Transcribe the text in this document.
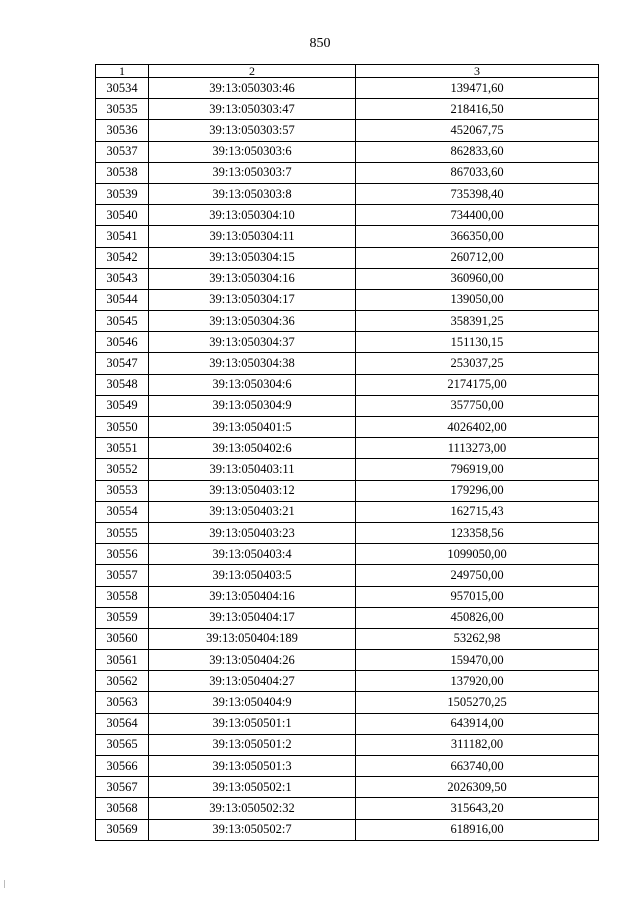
850
1	2	3
30534	39:13:050303:46	139471,60
30535	39:13:050303:47	218416,50
30536	39:13:050303:57	452067,75
30537	39:13:050303:6	862833,60
30538	39:13:050303:7	867033,60
30539	39:13:050303:8	735398,40
30540	39:13:050304:10	734400,00
30541	39:13:050304:11	366350,00
30542	39:13:050304:15	260712,00
30543	39:13:050304:16	360960,00
30544	39:13:050304:17	139050,00
30545	39:13:050304:36	358391,25
30546	39:13:050304:37	151130,15
30547	39:13:050304:38	253037,25
30548	39:13:050304:6	2174175,00
30549	39:13:050304:9	357750,00
30550	39:13:050401:5	4026402,00
30551	39:13:050402:6	1113273,00
30552	39:13:050403:11	796919,00
30553	39:13:050403:12	179296,00
30554	39:13:050403:21	162715,43
30555	39:13:050403:23	123358,56
30556	39:13:050403:4	1099050,00
30557	39:13:050403:5	249750,00
30558	39:13:050404:16	957015,00
30559	39:13:050404:17	450826,00
30560	39:13:050404:189	53262,98
30561	39:13:050404:26	159470,00
30562	39:13:050404:27	137920,00
30563	39:13:050404:9	1505270,25
30564	39:13:050501:1	643914,00
30565	39:13:050501:2	311182,00
30566	39:13:050501:3	663740,00
30567	39:13:050502:1	2026309,50
30568	39:13:050502:32	315643,20
30569	39:13:050502:7	618916,00
